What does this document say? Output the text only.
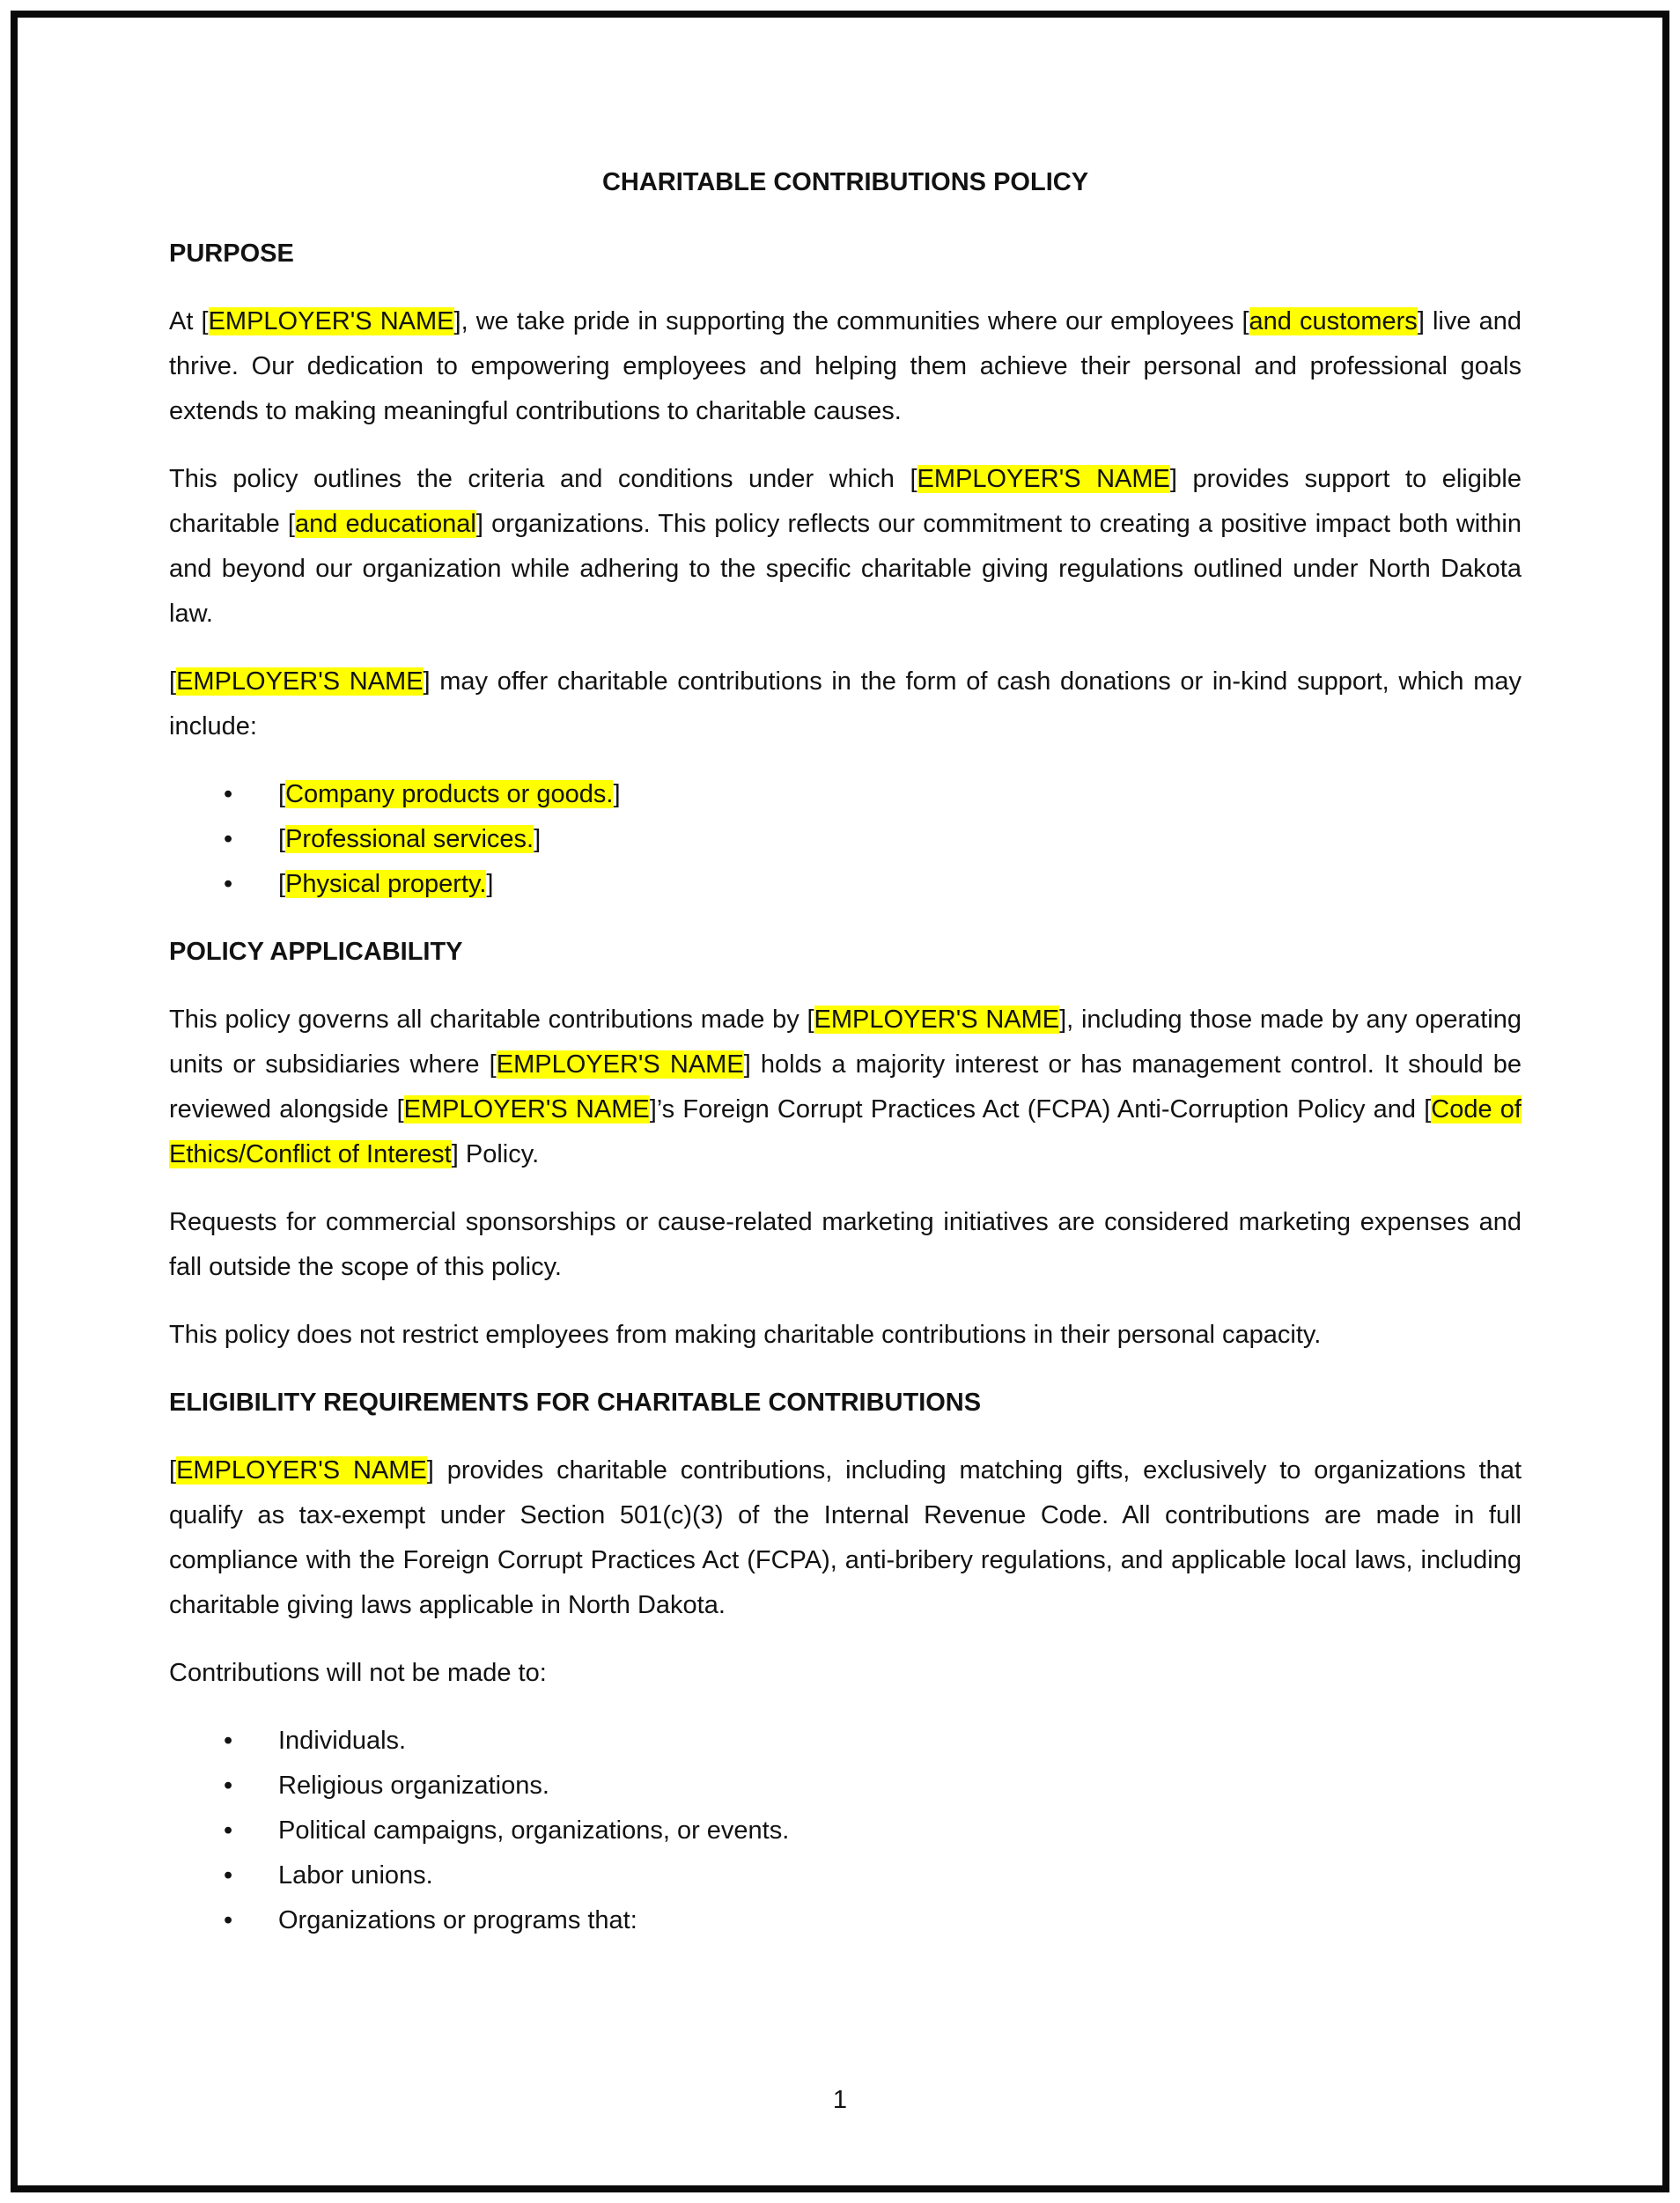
CHARITABLE CONTRIBUTIONS POLICY

PURPOSE

At [EMPLOYER'S NAME], we take pride in supporting the communities where our employees [and customers] live and thrive. Our dedication to empowering employees and helping them achieve their personal and professional goals extends to making meaningful contributions to charitable causes.

This policy outlines the criteria and conditions under which [EMPLOYER'S NAME] provides support to eligible charitable [and educational] organizations. This policy reflects our commitment to creating a positive impact both within and beyond our organization while adhering to the specific charitable giving regulations outlined under North Dakota law.

[EMPLOYER'S NAME] may offer charitable contributions in the form of cash donations or in-kind support, which may include:

• [Company products or goods.]
• [Professional services.]
• [Physical property.]

POLICY APPLICABILITY

This policy governs all charitable contributions made by [EMPLOYER'S NAME], including those made by any operating units or subsidiaries where [EMPLOYER'S NAME] holds a majority interest or has management control. It should be reviewed alongside [EMPLOYER'S NAME]’s Foreign Corrupt Practices Act (FCPA) Anti-Corruption Policy and [Code of Ethics/Conflict of Interest] Policy.

Requests for commercial sponsorships or cause-related marketing initiatives are considered marketing expenses and fall outside the scope of this policy.

This policy does not restrict employees from making charitable contributions in their personal capacity.

ELIGIBILITY REQUIREMENTS FOR CHARITABLE CONTRIBUTIONS

[EMPLOYER'S NAME] provides charitable contributions, including matching gifts, exclusively to organizations that qualify as tax-exempt under Section 501(c)(3) of the Internal Revenue Code. All contributions are made in full compliance with the Foreign Corrupt Practices Act (FCPA), anti-bribery regulations, and applicable local laws, including charitable giving laws applicable in North Dakota.

Contributions will not be made to:

• Individuals.
• Religious organizations.
• Political campaigns, organizations, or events.
• Labor unions.
• Organizations or programs that:
1
